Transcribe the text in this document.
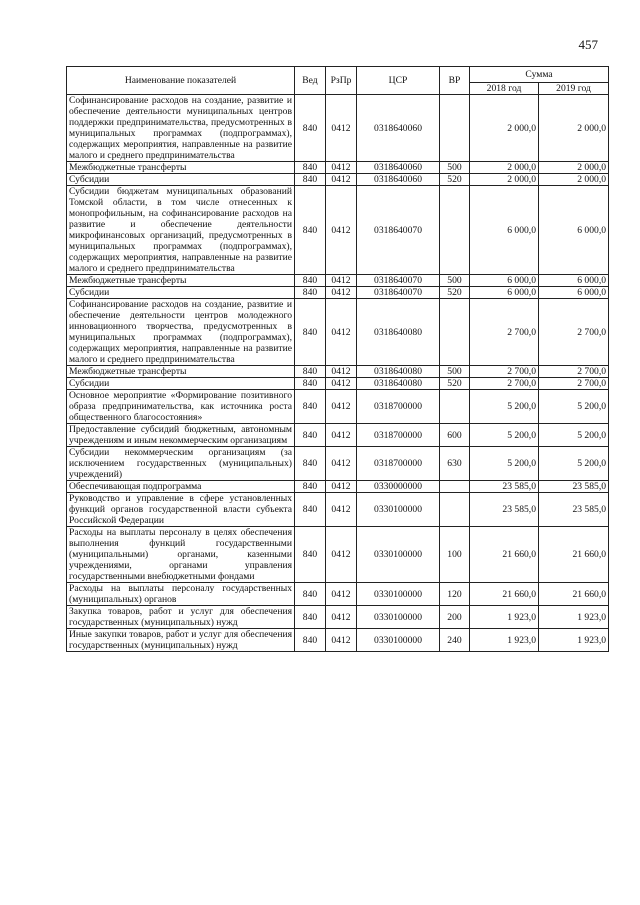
457
Наименование показателей	Вед	РзПр	ЦСР	ВР	Сумма	
					2018 год	2019 год
Софинансирование расходов на создание, развитие и обеспечение деятельности муниципальных центров поддержки предпринимательства, предусмотренных в муниципальных программах (подпрограммах), содержащих мероприятия, направленные на развитие малого и среднего предпринимательства	840	0412	0318640060		2 000,0	2 000,0
Межбюджетные трансферты	840	0412	0318640060	500	2 000,0	2 000,0
Субсидии	840	0412	0318640060	520	2 000,0	2 000,0
Субсидии бюджетам муниципальных образований Томской области, в том числе отнесенных к монопрофильным, на софинансирование расходов на развитие и обеспечение деятельности микрофинансовых организаций, предусмотренных в муниципальных программах (подпрограммах), содержащих мероприятия, направленные на развитие малого и среднего предпринимательства	840	0412	0318640070		6 000,0	6 000,0
Межбюджетные трансферты	840	0412	0318640070	500	6 000,0	6 000,0
Субсидии	840	0412	0318640070	520	6 000,0	6 000,0
Софинансирование расходов на создание, развитие и обеспечение деятельности центров молодежного инновационного творчества, предусмотренных в муниципальных программах (подпрограммах), содержащих мероприятия, направленные на развитие малого и среднего предпринимательства	840	0412	0318640080		2 700,0	2 700,0
Межбюджетные трансферты	840	0412	0318640080	500	2 700,0	2 700,0
Субсидии	840	0412	0318640080	520	2 700,0	2 700,0
Основное мероприятие «Формирование позитивного образа предпринимательства, как источника роста общественного благосостояния»	840	0412	0318700000		5 200,0	5 200,0
Предоставление субсидий бюджетным, автономным учреждениям и иным некоммерческим организациям	840	0412	0318700000	600	5 200,0	5 200,0
Субсидии некоммерческим организациям (за исключением государственных (муниципальных) учреждений)	840	0412	0318700000	630	5 200,0	5 200,0
Обеспечивающая подпрограмма	840	0412	0330000000		23 585,0	23 585,0
Руководство и управление в сфере установленных функций органов государственной власти субъекта Российской Федерации	840	0412	0330100000		23 585,0	23 585,0
Расходы на выплаты персоналу в целях обеспечения выполнения функций государственными (муниципальными) органами, казенными учреждениями, органами управления государственными внебюджетными фондами	840	0412	0330100000	100	21 660,0	21 660,0
Расходы на выплаты персоналу государственных (муниципальных) органов	840	0412	0330100000	120	21 660,0	21 660,0
Закупка товаров, работ и услуг для обеспечения государственных (муниципальных) нужд	840	0412	0330100000	200	1 923,0	1 923,0
Иные закупки товаров, работ и услуг для обеспечения государственных (муниципальных) нужд	840	0412	0330100000	240	1 923,0	1 923,0
